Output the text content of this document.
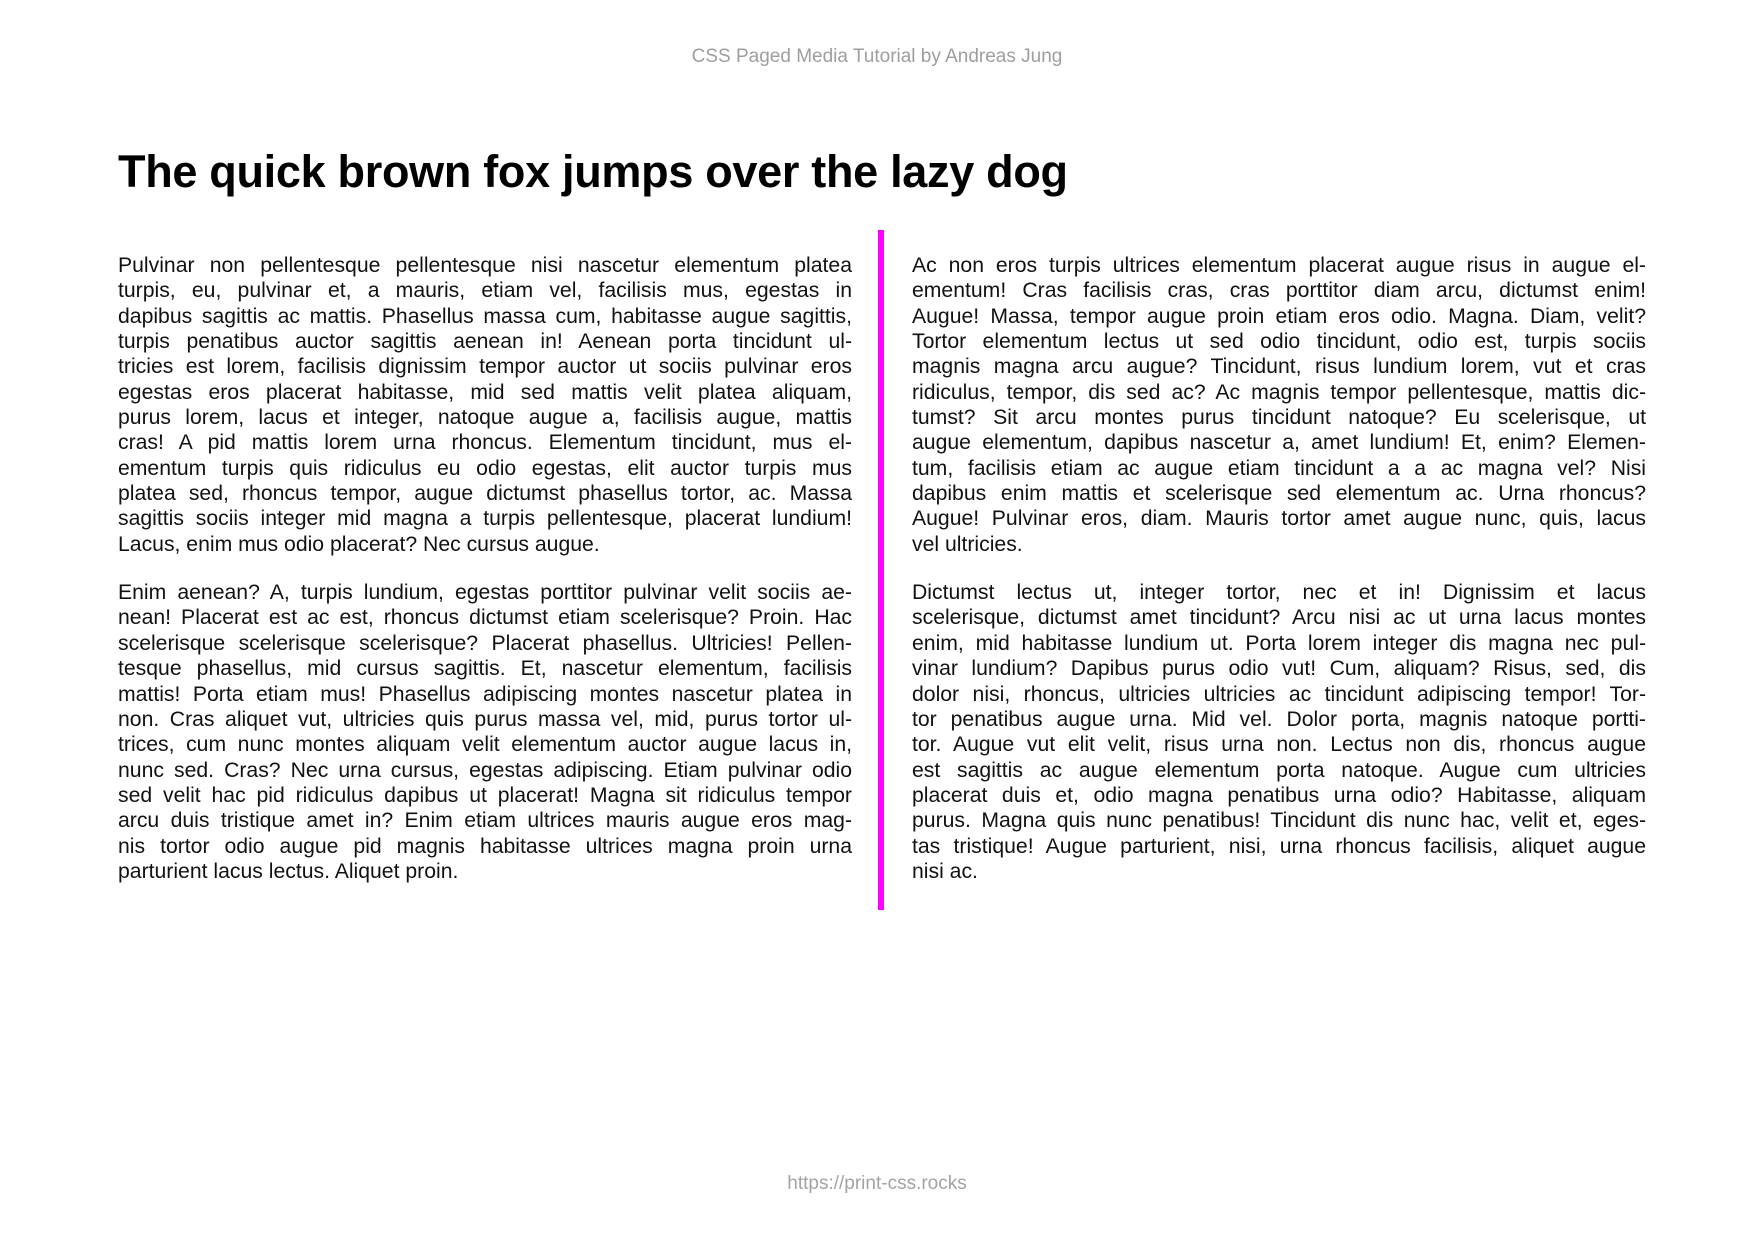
CSS Paged Media Tutorial by Andreas Jung
The quick brown fox jumps over the lazy dog

Pulvinar non pellentesque pellentesque nisi nascetur elementum platea
turpis, eu, pulvinar et, a mauris, etiam vel, facilisis mus, egestas in
dapibus sagittis ac mattis. Phasellus massa cum, habitasse augue sagittis,
turpis penatibus auctor sagittis aenean in! Aenean porta tincidunt ul-
tricies est lorem, facilisis dignissim tempor auctor ut sociis pulvinar eros
egestas eros placerat habitasse, mid sed mattis velit platea aliquam,
purus lorem, lacus et integer, natoque augue a, facilisis augue, mattis
cras! A pid mattis lorem urna rhoncus. Elementum tincidunt, mus el-
ementum turpis quis ridiculus eu odio egestas, elit auctor turpis mus
platea sed, rhoncus tempor, augue dictumst phasellus tortor, ac. Massa
sagittis sociis integer mid magna a turpis pellentesque, placerat lundium!
Lacus, enim mus odio placerat? Nec cursus augue.

Enim aenean? A, turpis lundium, egestas porttitor pulvinar velit sociis ae-
nean! Placerat est ac est, rhoncus dictumst etiam scelerisque? Proin. Hac
scelerisque scelerisque scelerisque? Placerat phasellus. Ultricies! Pellen-
tesque phasellus, mid cursus sagittis. Et, nascetur elementum, facilisis
mattis! Porta etiam mus! Phasellus adipiscing montes nascetur platea in
non. Cras aliquet vut, ultricies quis purus massa vel, mid, purus tortor ul-
trices, cum nunc montes aliquam velit elementum auctor augue lacus in,
nunc sed. Cras? Nec urna cursus, egestas adipiscing. Etiam pulvinar odio
sed velit hac pid ridiculus dapibus ut placerat! Magna sit ridiculus tempor
arcu duis tristique amet in? Enim etiam ultrices mauris augue eros mag-
nis tortor odio augue pid magnis habitasse ultrices magna proin urna
parturient lacus lectus. Aliquet proin.

Ac non eros turpis ultrices elementum placerat augue risus in augue el-
ementum! Cras facilisis cras, cras porttitor diam arcu, dictumst enim!
Augue! Massa, tempor augue proin etiam eros odio. Magna. Diam, velit?
Tortor elementum lectus ut sed odio tincidunt, odio est, turpis sociis
magnis magna arcu augue? Tincidunt, risus lundium lorem, vut et cras
ridiculus, tempor, dis sed ac? Ac magnis tempor pellentesque, mattis dic-
tumst? Sit arcu montes purus tincidunt natoque? Eu scelerisque, ut
augue elementum, dapibus nascetur a, amet lundium! Et, enim? Elemen-
tum, facilisis etiam ac augue etiam tincidunt a a ac magna vel? Nisi
dapibus enim mattis et scelerisque sed elementum ac. Urna rhoncus?
Augue! Pulvinar eros, diam. Mauris tortor amet augue nunc, quis, lacus
vel ultricies.

Dictumst lectus ut, integer tortor, nec et in! Dignissim et lacus
scelerisque, dictumst amet tincidunt? Arcu nisi ac ut urna lacus montes
enim, mid habitasse lundium ut. Porta lorem integer dis magna nec pul-
vinar lundium? Dapibus purus odio vut! Cum, aliquam? Risus, sed, dis
dolor nisi, rhoncus, ultricies ultricies ac tincidunt adipiscing tempor! Tor-
tor penatibus augue urna. Mid vel. Dolor porta, magnis natoque portti-
tor. Augue vut elit velit, risus urna non. Lectus non dis, rhoncus augue
est sagittis ac augue elementum porta natoque. Augue cum ultricies
placerat duis et, odio magna penatibus urna odio? Habitasse, aliquam
purus. Magna quis nunc penatibus! Tincidunt dis nunc hac, velit et, eges-
tas tristique! Augue parturient, nisi, urna rhoncus facilisis, aliquet augue
nisi ac.

https://print-css.rocks
